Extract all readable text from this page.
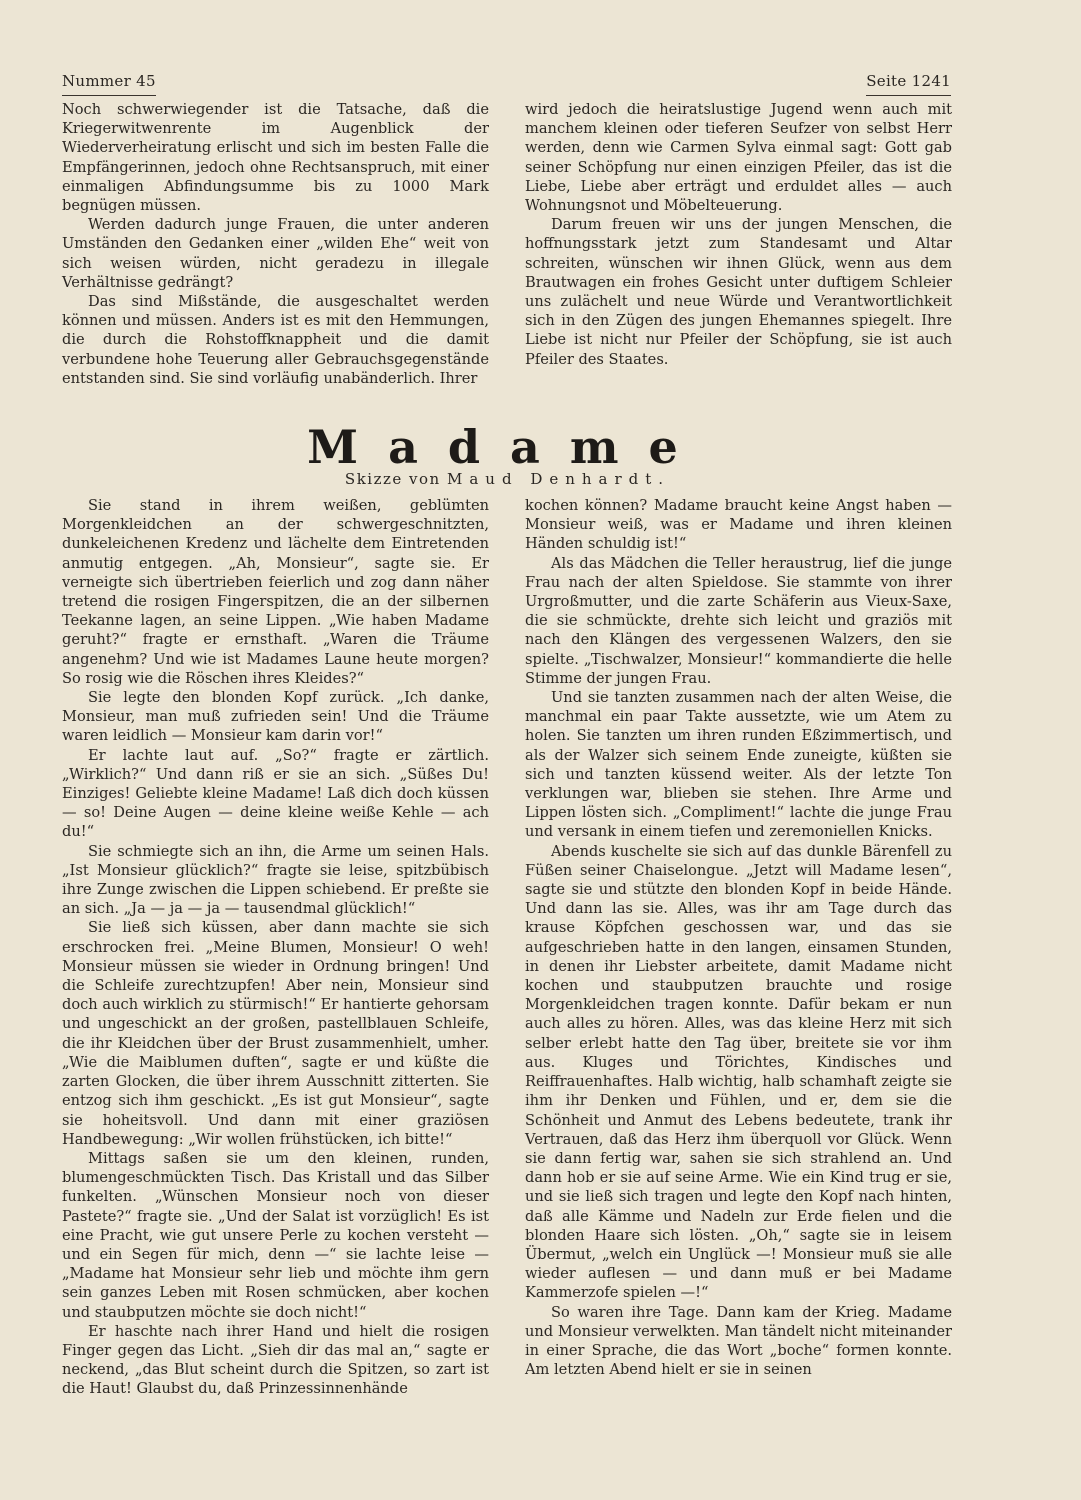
Nummer 45	Seite 1241

Noch schwerwiegender ist die Tatsache, daß die Kriegerwitwenrente im Augenblick der Wiederverheiratung erlischt und sich im besten Falle die Empfängerinnen, jedoch ohne Rechtsanspruch, mit einer einmaligen Abfindungsumme bis zu 1000 Mark begnügen müssen.

Werden dadurch junge Frauen, die unter anderen Umständen den Gedanken einer „wilden Ehe“ weit von sich weisen würden, nicht geradezu in illegale Verhältnisse gedrängt?

Das sind Mißstände, die ausgeschaltet werden können und müssen. Anders ist es mit den Hemmungen, die durch die Rohstoffknappheit und die damit verbundene hohe Teuerung aller Gebrauchsgegenstände entstanden sind. Sie sind vorläufig unabänderlich. Ihrer

wird jedoch die heiratslustige Jugend wenn auch mit manchem kleinen oder tieferen Seufzer von selbst Herr werden, denn wie Carmen Sylva einmal sagt: Gott gab seiner Schöpfung nur einen einzigen Pfeiler, das ist die Liebe, Liebe aber erträgt und erduldet alles — auch Wohnungsnot und Möbelteuerung.

Darum freuen wir uns der jungen Menschen, die hoffnungsstark jetzt zum Standesamt und Altar schreiten, wünschen wir ihnen Glück, wenn aus dem Brautwagen ein frohes Gesicht unter duftigem Schleier uns zulächelt und neue Würde und Verantwortlichkeit sich in den Zügen des jungen Ehemannes spiegelt. Ihre Liebe ist nicht nur Pfeiler der Schöpfung, sie ist auch Pfeiler des Staates.

Madame
Skizze von Maud Denhardt.

Sie stand in ihrem weißen, geblümten Morgenkleidchen an der schwergeschnitzten, dunkeleichenen Kredenz und lächelte dem Eintretenden anmutig entgegen. „Ah, Monsieur“, sagte sie. Er verneigte sich übertrieben feierlich und zog dann näher tretend die rosigen Fingerspitzen, die an der silbernen Teekanne lagen, an seine Lippen. „Wie haben Madame geruht?“ fragte er ernsthaft. „Waren die Träume angenehm? Und wie ist Madames Laune heute morgen? So rosig wie die Röschen ihres Kleides?“

Sie legte den blonden Kopf zurück. „Ich danke, Monsieur, man muß zufrieden sein! Und die Träume waren leidlich — Monsieur kam darin vor!“

Er lachte laut auf. „So?“ fragte er zärtlich. „Wirklich?“ Und dann riß er sie an sich. „Süßes Du! Einziges! Geliebte kleine Madame! Laß dich doch küssen — so! Deine Augen — deine kleine weiße Kehle — ach du!“

Sie schmiegte sich an ihn, die Arme um seinen Hals. „Ist Monsieur glücklich?“ fragte sie leise, spitzbübisch ihre Zunge zwischen die Lippen schiebend. Er preßte sie an sich. „Ja — ja — ja — tausendmal glücklich!“

Sie ließ sich küssen, aber dann machte sie sich erschrocken frei. „Meine Blumen, Monsieur! O weh! Monsieur müssen sie wieder in Ordnung bringen! Und die Schleife zurechtzupfen! Aber nein, Monsieur sind doch auch wirklich zu stürmisch!“ Er hantierte gehorsam und ungeschickt an der großen, pastellblauen Schleife, die ihr Kleidchen über der Brust zusammenhielt, umher. „Wie die Maiblumen duften“, sagte er und küßte die zarten Glocken, die über ihrem Ausschnitt zitterten. Sie entzog sich ihm geschickt. „Es ist gut Monsieur“, sagte sie hoheitsvoll. Und dann mit einer graziösen Handbewegung: „Wir wollen frühstücken, ich bitte!“

Mittags saßen sie um den kleinen, runden, blumengeschmückten Tisch. Das Kristall und das Silber funkelten. „Wünschen Monsieur noch von dieser Pastete?“ fragte sie. „Und der Salat ist vorzüglich! Es ist eine Pracht, wie gut unsere Perle zu kochen versteht — und ein Segen für mich, denn —“ sie lachte leise — „Madame hat Monsieur sehr lieb und möchte ihm gern sein ganzes Leben mit Rosen schmücken, aber kochen und staubputzen möchte sie doch nicht!“

Er haschte nach ihrer Hand und hielt die rosigen Finger gegen das Licht. „Sieh dir das mal an,“ sagte er neckend, „das Blut scheint durch die Spitzen, so zart ist die Haut! Glaubst du, daß Prinzessinnenhände

kochen können? Madame braucht keine Angst haben — Monsieur weiß, was er Madame und ihren kleinen Händen schuldig ist!“

Als das Mädchen die Teller heraustrug, lief die junge Frau nach der alten Spieldose. Sie stammte von ihrer Urgroßmutter, und die zarte Schäferin aus Vieux-Saxe, die sie schmückte, drehte sich leicht und graziös mit nach den Klängen des vergessenen Walzers, den sie spielte. „Tischwalzer, Monsieur!“ kommandierte die helle Stimme der jungen Frau.

Und sie tanzten zusammen nach der alten Weise, die manchmal ein paar Takte aussetzte, wie um Atem zu holen. Sie tanzten um ihren runden Eßzimmertisch, und als der Walzer sich seinem Ende zuneigte, küßten sie sich und tanzten küssend weiter. Als der letzte Ton verklungen war, blieben sie stehen. Ihre Arme und Lippen lösten sich. „Compliment!“ lachte die junge Frau und versank in einem tiefen und zeremoniellen Knicks.

Abends kuschelte sie sich auf das dunkle Bärenfell zu Füßen seiner Chaiselongue. „Jetzt will Madame lesen“, sagte sie und stützte den blonden Kopf in beide Hände. Und dann las sie. Alles, was ihr am Tage durch das krause Köpfchen geschossen war, und das sie aufgeschrieben hatte in den langen, einsamen Stunden, in denen ihr Liebster arbeitete, damit Madame nicht kochen und staubputzen brauchte und rosige Morgenkleidchen tragen konnte. Dafür bekam er nun auch alles zu hören. Alles, was das kleine Herz mit sich selber erlebt hatte den Tag über, breitete sie vor ihm aus. Kluges und Törichtes, Kindisches und Reiffrauenhaftes. Halb wichtig, halb schamhaft zeigte sie ihm ihr Denken und Fühlen, und er, dem sie die Schönheit und Anmut des Lebens bedeutete, trank ihr Vertrauen, daß das Herz ihm überquoll vor Glück. Wenn sie dann fertig war, sahen sie sich strahlend an. Und dann hob er sie auf seine Arme. Wie ein Kind trug er sie, und sie ließ sich tragen und legte den Kopf nach hinten, daß alle Kämme und Nadeln zur Erde fielen und die blonden Haare sich lösten. „Oh,“ sagte sie in leisem Übermut, „welch ein Unglück —! Monsieur muß sie alle wieder auflesen — und dann muß er bei Madame Kammerzofe spielen —!“

So waren ihre Tage. Dann kam der Krieg. Madame und Monsieur verwelkten. Man tändelt nicht miteinander in einer Sprache, die das Wort „boche“ formen konnte. Am letzten Abend hielt er sie in seinen
